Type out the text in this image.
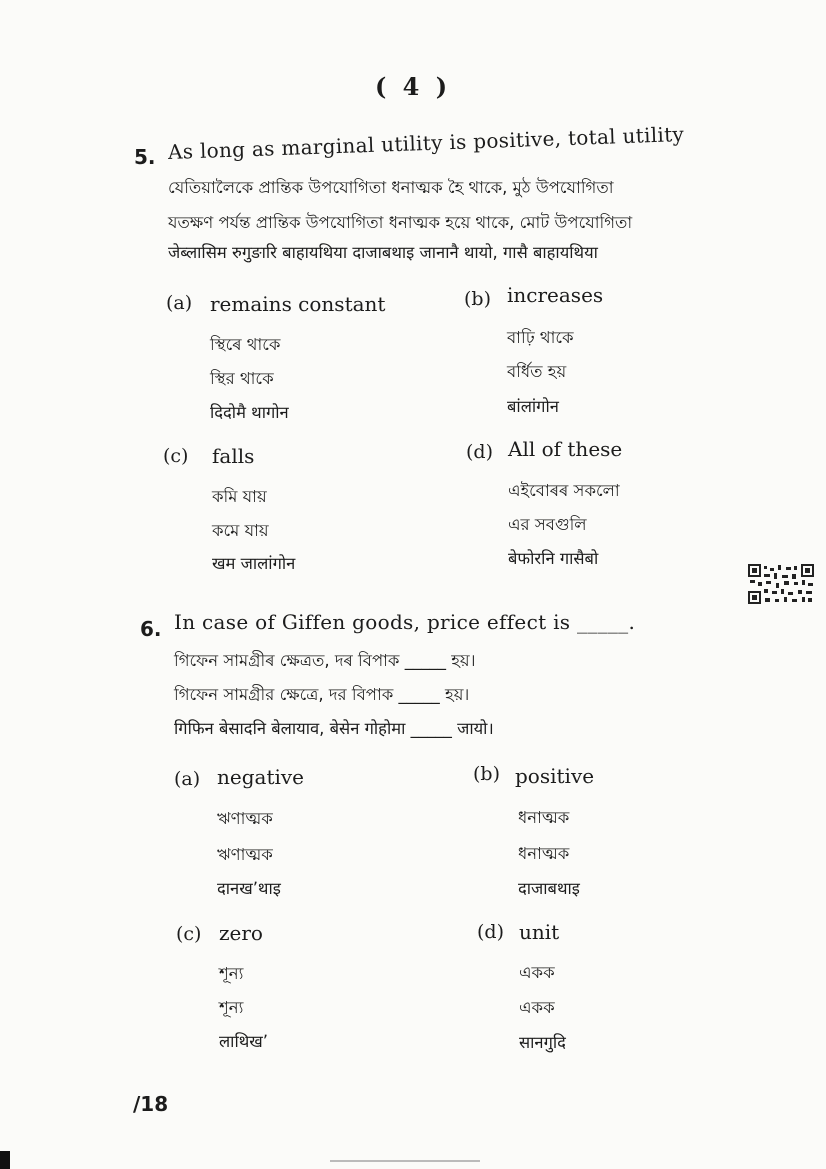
( 4 )
5. As long as marginal utility is positive, total utility
যেতিয়ালৈকে প্ৰান্তিক উপযোগিতা ধনাত্মক হৈ থাকে, মুঠ উপযোগিতা
যতক্ষণ পর্যন্ত প্রান্তিক উপযোগিতা ধনাত্মক হয়ে থাকে, মোট উপযোগিতা
जेब्लासिम रुगुङारि बाहायथिया दाजाबथाइ जानानै थायो, गासै बाहायथिया
(a) remains constant
স্থিৰে থাকে
স্থির থাকে
दिदोमै थागोन
(b) increases
বাঢ়ি থাকে
বর্ধিত হয়
बांलांगोन
(c) falls
কমি যায়
কমে যায়
खम जालांगोन
(d) All of these
এইবোৰৰ সকলো
এর সবগুলি
बेफोरनि गासैबो
6. In case of Giffen goods, price effect is _____.
গিফেন সামগ্ৰীৰ ক্ষেত্ৰত, দৰ বিপাক _____ হয়।
গিফেন সামগ্রীর ক্ষেত্রে, দর বিপাক _____ হয়।
गिफिन बेसादनि बेलायाव, बेसेन गोहोमा _____ जायो।
(a) negative
ঋণাত্মক
ঋণাত্মক
दानखʼथाइ
(b) positive
ধনাত্মক
ধনাত্মক
दाजाबथाइ
(c) zero
শূন্য
শূন্য
लाथिखʼ
(d) unit
একক
একক
सानगुदि
/18
